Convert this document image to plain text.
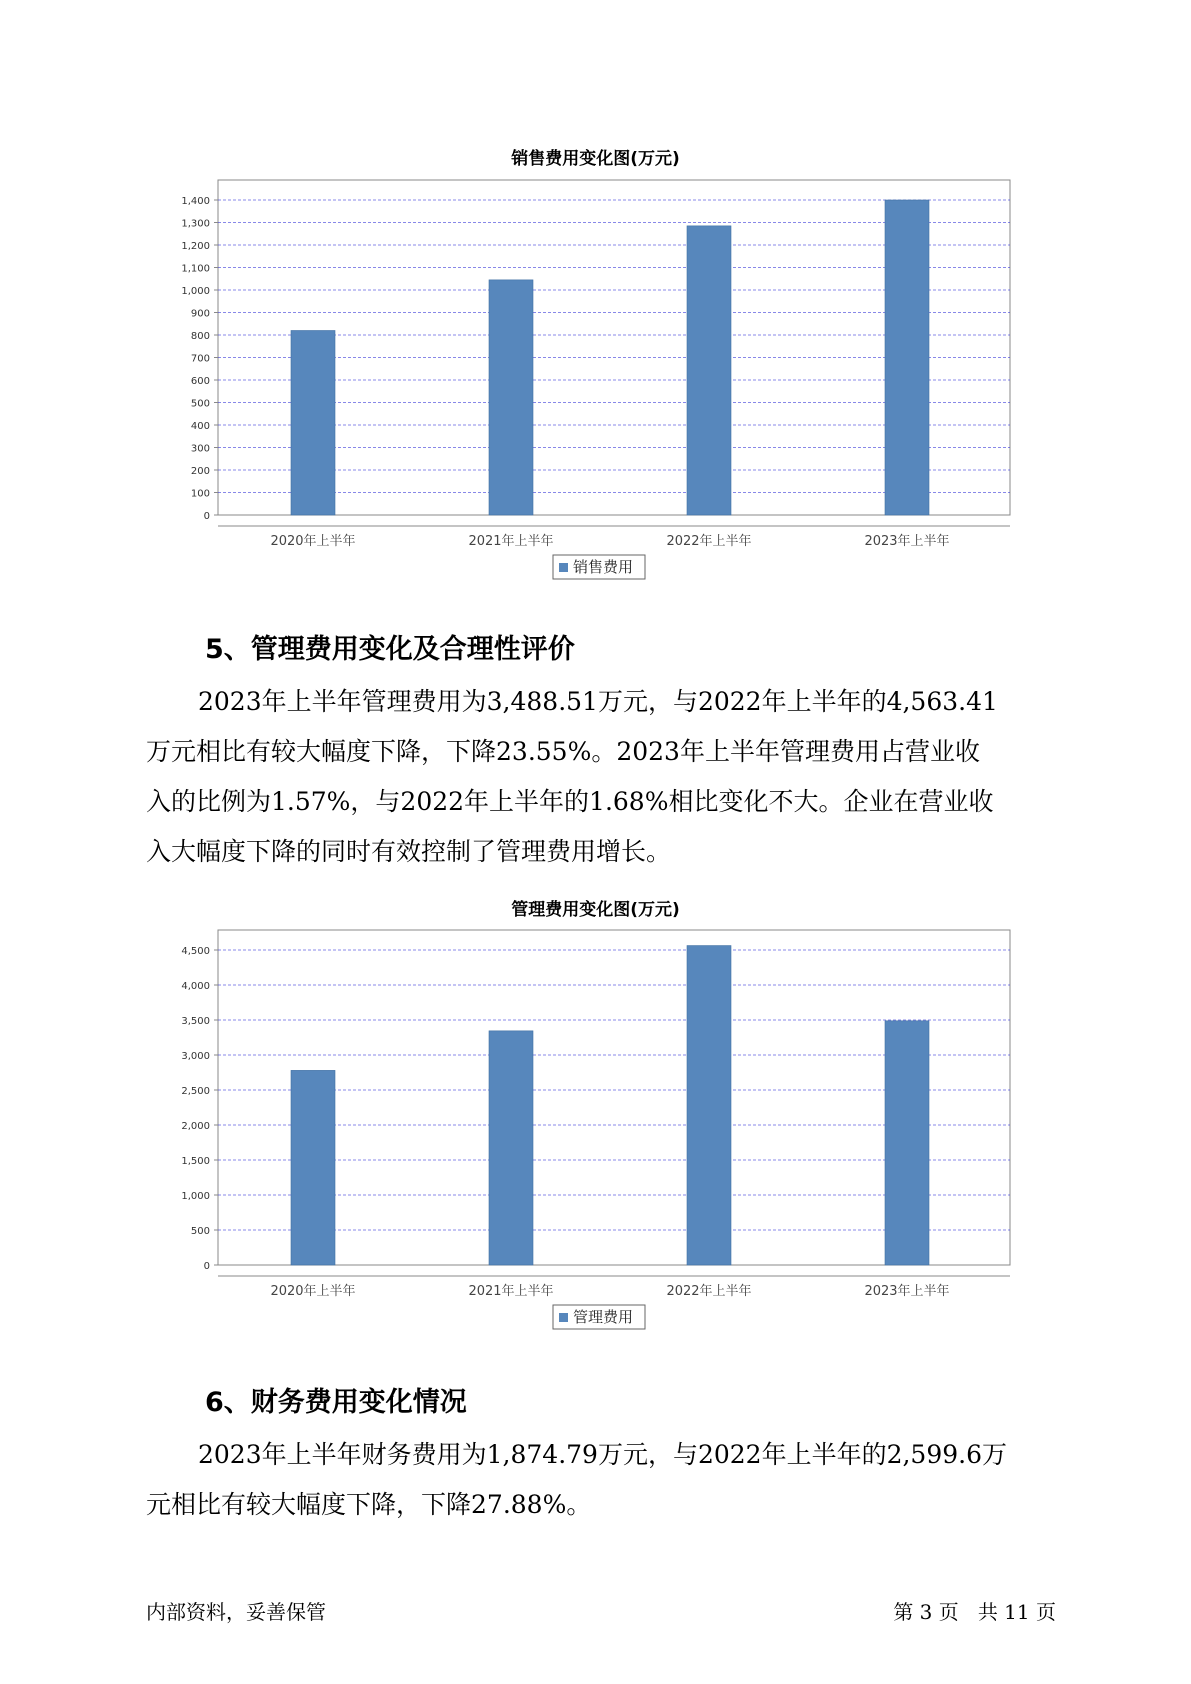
销售费用变化图(万元)
0
100
200
300
400
500
600
700
800
900
1,000
1,100
1,200
1,300
1,400
2020年上半年	2021年上半年	2022年上半年	2023年上半年
销售费用
5、管理费用变化及合理性评价
2023年上半年管理费用为3,488.51万元，与2022年上半年的4,563.41
万元相比有较大幅度下降，下降23.55%。2023年上半年管理费用占营业收
入的比例为1.57%，与2022年上半年的1.68%相比变化不大。企业在营业收
入大幅度下降的同时有效控制了管理费用增长。
管理费用变化图(万元)
0
500
1,000
1,500
2,000
2,500
3,000
3,500
4,000
4,500
2020年上半年	2021年上半年	2022年上半年	2023年上半年
管理费用
6、财务费用变化情况
2023年上半年财务费用为1,874.79万元，与2022年上半年的2,599.6万
元相比有较大幅度下降，下降27.88%。
内部资料，妥善保管	第 3 页   共 11 页
